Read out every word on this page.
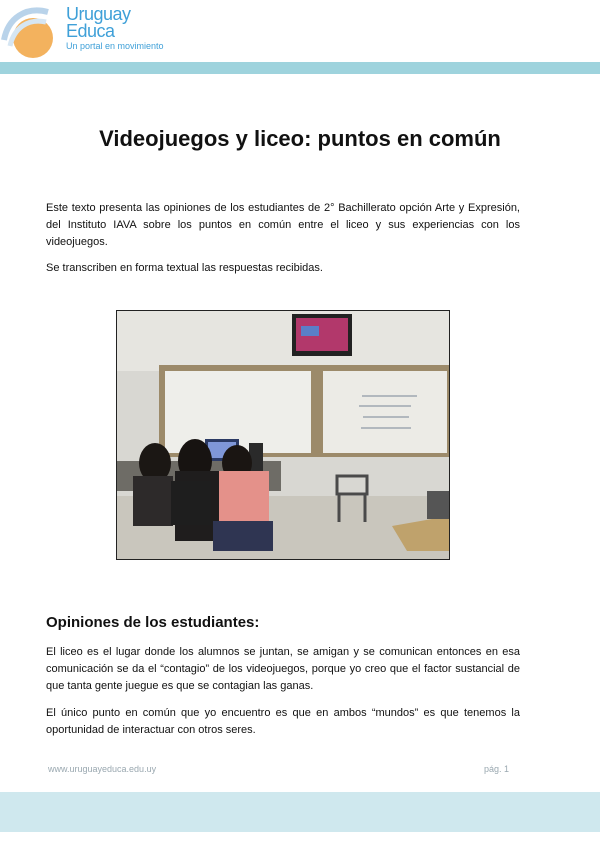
Uruguay
Educa
Un portal en movimiento
Videojuegos y liceo: puntos en común
Este texto presenta las opiniones de los estudiantes de 2° Bachillerato opción Arte y Expresión, del Instituto IAVA sobre los puntos en común entre el liceo y sus experiencias con los videojuegos.
Se transcriben en forma textual las respuestas recibidas.
Opiniones de los estudiantes:
El liceo es el lugar donde los alumnos se juntan, se amigan y se comunican entonces en esa comunicación se da el “contagio” de los videojuegos, porque yo creo que el factor sustancial de que tanta gente juegue es que se contagian las ganas.
El único punto en común que yo encuentro es que en ambos “mundos” es que tenemos la oportunidad de interactuar con otros seres.
www.uruguayeduca.edu.uy	pág. 1
